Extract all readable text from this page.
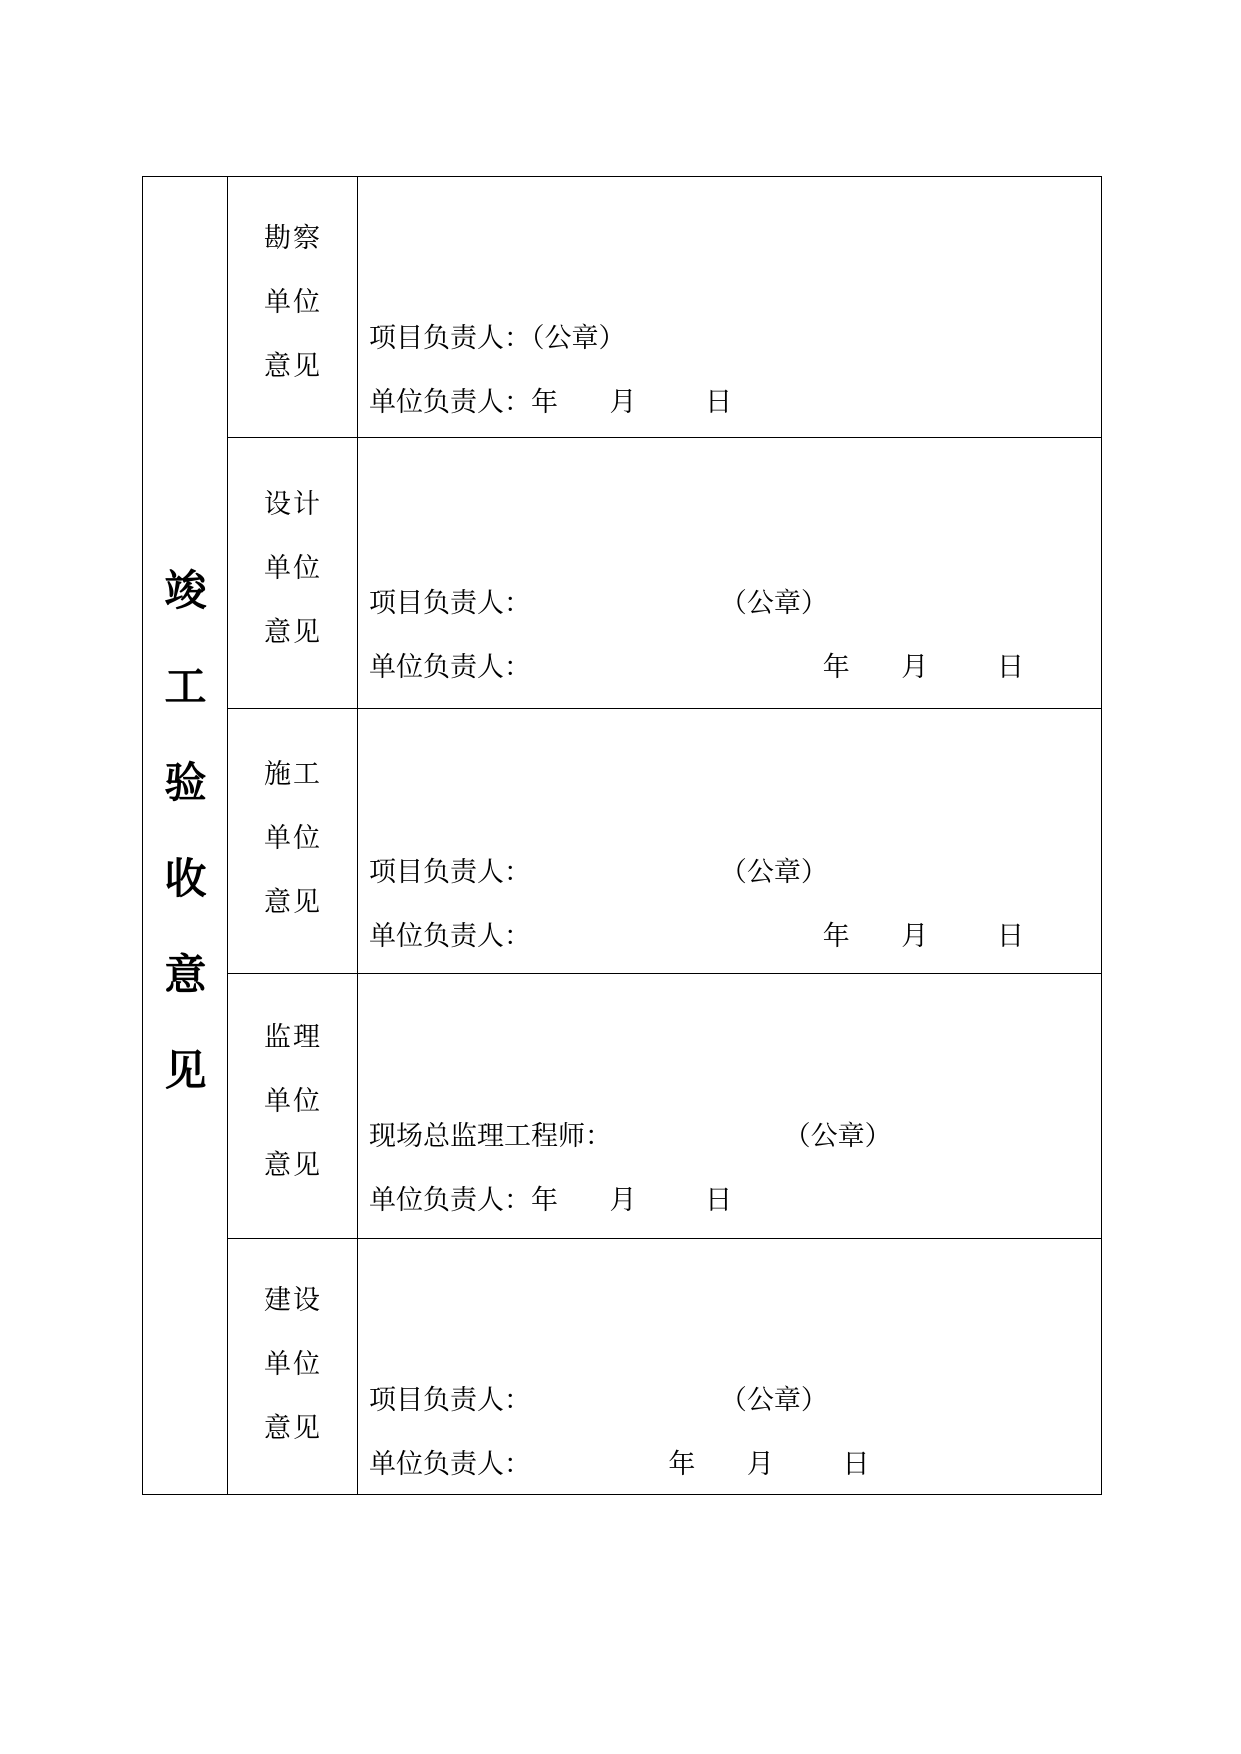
竣
工
验
收
意
见
勘察
单位
意见
项目负责人：（公章）
单位负责人：年      月        日
设计
单位
意见
项目负责人：                      （公章）
单位负责人：                                  年      月        日
施工
单位
意见
项目负责人：                      （公章）
单位负责人：                                  年      月        日
监理
单位
意见
现场总监理工程师：                    （公章）
单位负责人：年      月        日
建设
单位
意见
项目负责人：                      （公章）
单位负责人：                年      月        日
